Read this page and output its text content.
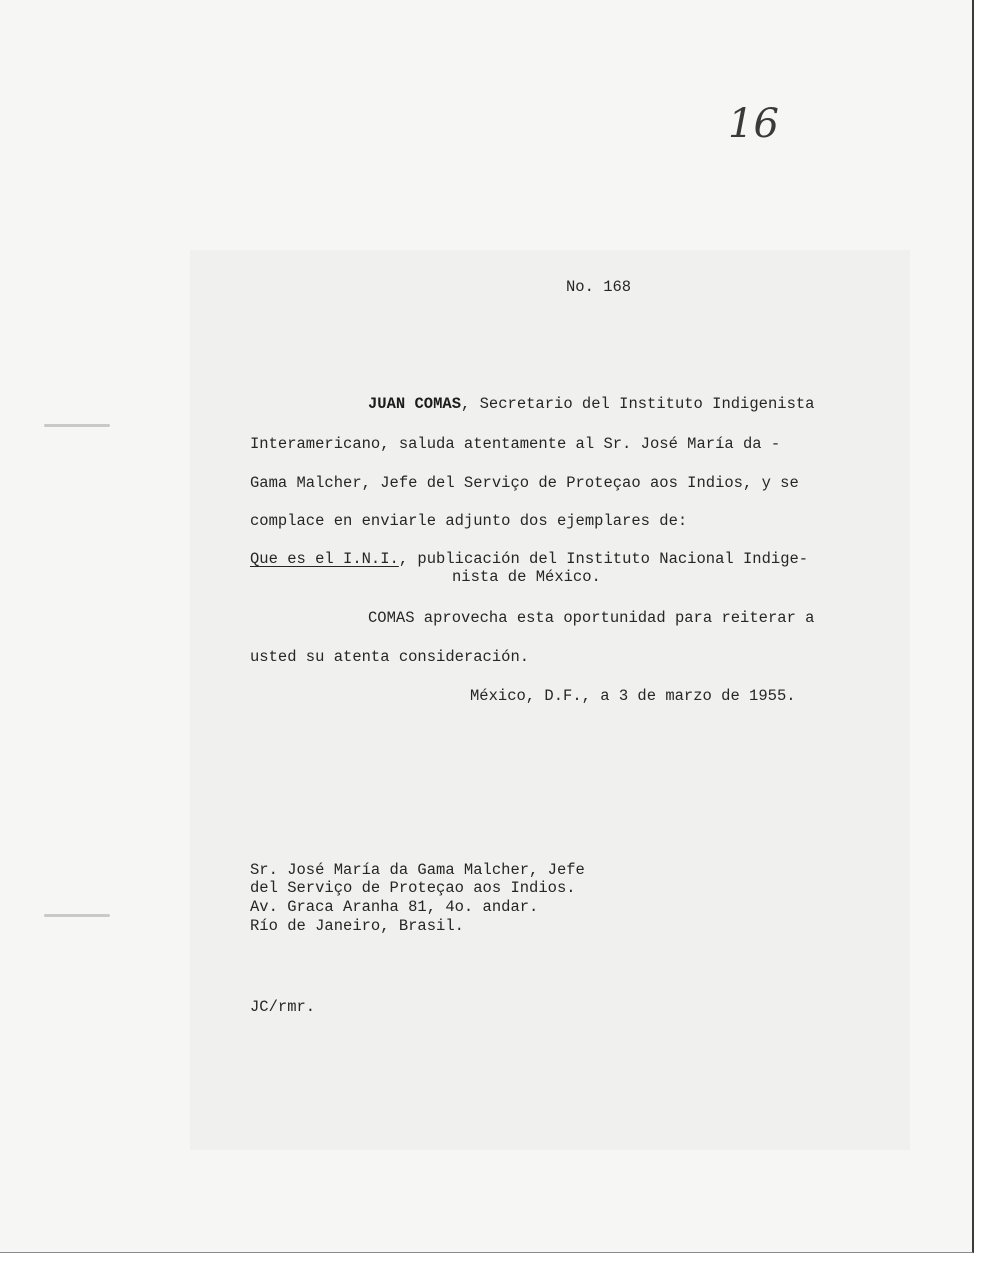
16
No. 168
JUAN COMAS, Secretario del Instituto Indigenista
Interamericano, saluda atentamente al Sr. José María da -
Gama Malcher, Jefe del Serviço de Proteçao aos Indios, y se
complace en enviarle adjunto dos ejemplares de:
Que es el I.N.I., publicación del Instituto Nacional Indige-
nista de México.
COMAS aprovecha esta oportunidad para reiterar a
usted su atenta consideración.
México, D.F., a 3 de marzo de 1955.
Sr. José María da Gama Malcher, Jefe
del Serviço de Proteçao aos Indios.
Av. Graca Aranha 81, 4o. andar.
Río de Janeiro, Brasil.
JC/rmr.
